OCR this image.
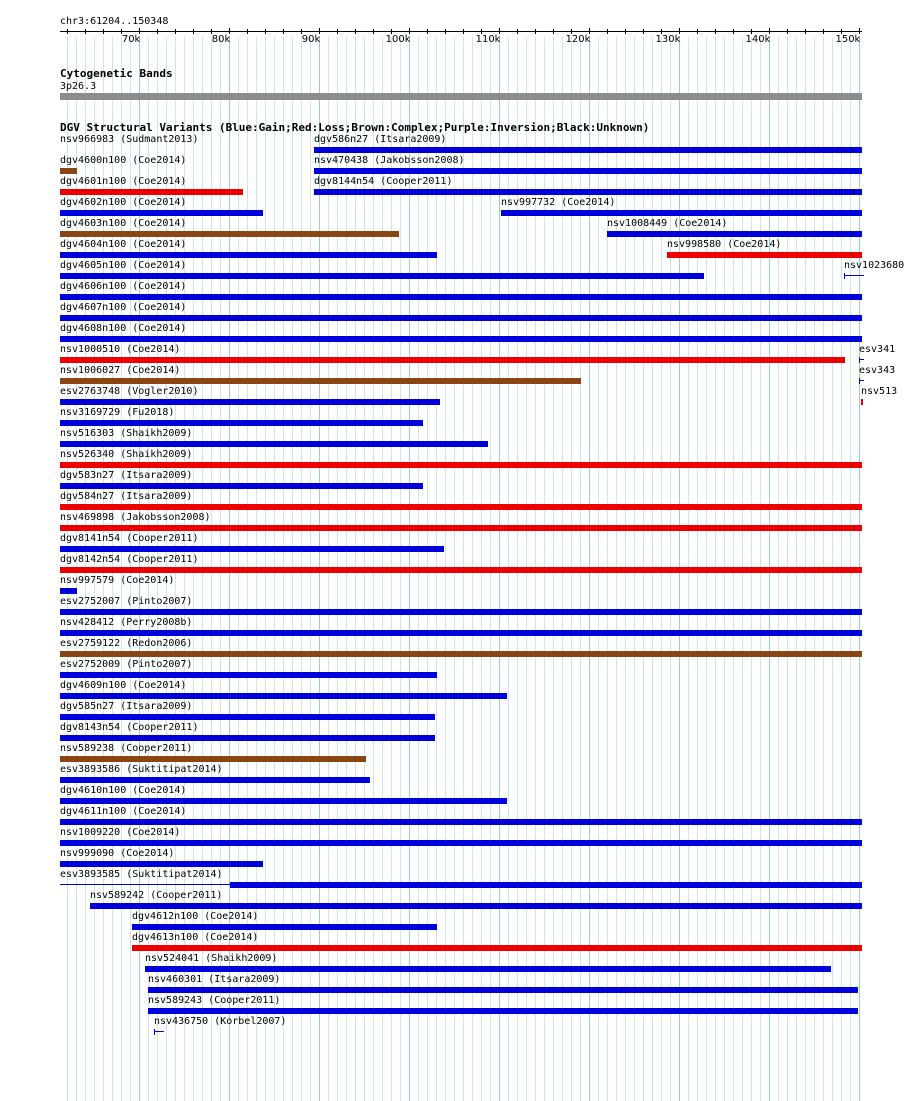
chr3:61204..150348
70k	80k	90k	100k	110k	120k	130k	140k	150k
Cytogenetic Bands
3p26.3
DGV Structural Variants (Blue:Gain;Red:Loss;Brown:Complex;Purple:Inversion;Black:Unknown)
nsv966983 (Sudmant2013)	dgv586n27 (Itsara2009)
dgv4600n100 (Coe2014)	nsv470438 (Jakobsson2008)
dgv4601n100 (Coe2014)	dgv8144n54 (Cooper2011)
dgv4602n100 (Coe2014)	nsv997732 (Coe2014)
dgv4603n100 (Coe2014)	nsv1008449 (Coe2014)
dgv4604n100 (Coe2014)	nsv998580 (Coe2014)
dgv4605n100 (Coe2014)	nsv1023680
dgv4606n100 (Coe2014)
dgv4607n100 (Coe2014)
dgv4608n100 (Coe2014)
nsv1000510 (Coe2014)	esv341
nsv1006027 (Coe2014)	esv343
esv2763748 (Vogler2010)	nsv513
nsv3169729 (Fu2018)
nsv516303 (Shaikh2009)
nsv526340 (Shaikh2009)
dgv583n27 (Itsara2009)
dgv584n27 (Itsara2009)
nsv469898 (Jakobsson2008)
dgv8141n54 (Cooper2011)
dgv8142n54 (Cooper2011)
nsv997579 (Coe2014)
esv2752007 (Pinto2007)
nsv428412 (Perry2008b)
esv2759122 (Redon2006)
esv2752009 (Pinto2007)
dgv4609n100 (Coe2014)
dgv585n27 (Itsara2009)
dgv8143n54 (Cooper2011)
nsv589238 (Cooper2011)
esv3893586 (Suktitipat2014)
dgv4610n100 (Coe2014)
dgv4611n100 (Coe2014)
nsv1009220 (Coe2014)
nsv999090 (Coe2014)
esv3893585 (Suktitipat2014)
nsv589242 (Cooper2011)
dgv4612n100 (Coe2014)
dgv4613n100 (Coe2014)
nsv524041 (Shaikh2009)
nsv460301 (Itsara2009)
nsv589243 (Cooper2011)
nsv436750 (Korbel2007)
